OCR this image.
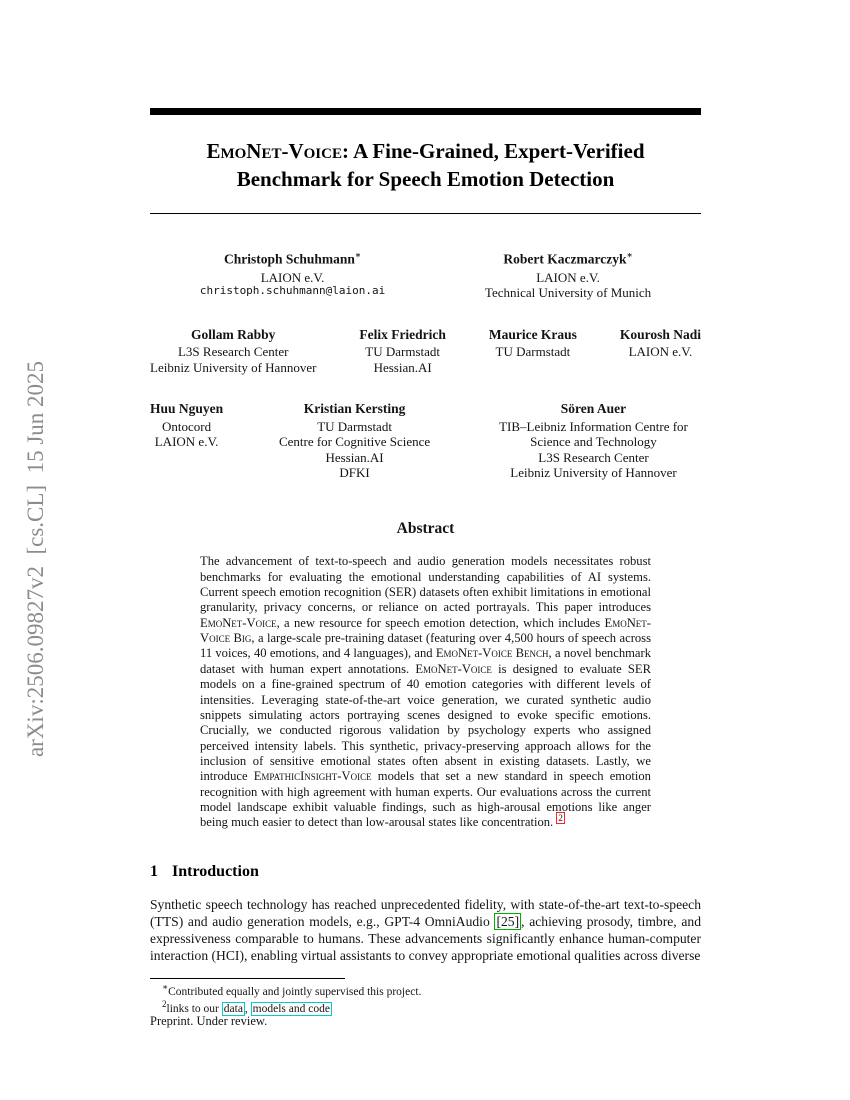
arXiv:2506.09827v2  [cs.CL]  15 Jun 2025
EmoNet-Voice: A Fine-Grained, Expert-Verified
Benchmark for Speech Emotion Detection
Christoph Schuhmann∗
LAION e.V.
christoph.schuhmann@laion.ai
Robert Kaczmarczyk∗
LAION e.V.
Technical University of Munich
Gollam Rabby
L3S Research Center
Leibniz University of Hannover
Felix Friedrich
TU Darmstadt
Hessian.AI
Maurice Kraus
TU Darmstadt
Kourosh Nadi
LAION e.V.
Huu Nguyen
Ontocord
LAION e.V.
Kristian Kersting
TU Darmstadt
Centre for Cognitive Science
Hessian.AI
DFKI
Sören Auer
TIB–Leibniz Information Centre for Science and Technology
L3S Research Center
Leibniz University of Hannover
Abstract

The advancement of text-to-speech and audio generation models necessitates robust benchmarks for evaluating the emotional understanding capabilities of AI systems. Current speech emotion recognition (SER) datasets often exhibit limitations in emotional granularity, privacy concerns, or reliance on acted portrayals. This paper introduces EmoNet-Voice, a new resource for speech emotion detection, which includes EmoNet-Voice Big, a large-scale pre-training dataset (featuring over 4,500 hours of speech across 11 voices, 40 emotions, and 4 languages), and EmoNet-Voice Bench, a novel benchmark dataset with human expert annotations. EmoNet-Voice is designed to evaluate SER models on a fine-grained spectrum of 40 emotion categories with different levels of intensities. Leveraging state-of-the-art voice generation, we curated synthetic audio snippets simulating actors portraying scenes designed to evoke specific emotions. Crucially, we conducted rigorous validation by psychology experts who assigned perceived intensity labels. This synthetic, privacy-preserving approach allows for the inclusion of sensitive emotional states often absent in existing datasets. Lastly, we introduce EmpathicInsight-Voice models that set a new standard in speech emotion recognition with high agreement with human experts. Our evaluations across the current model landscape exhibit valuable findings, such as high-arousal emotions like anger being much easier to detect than low-arousal states like concentration. $^2$

1 Introduction

Synthetic speech technology has reached unprecedented fidelity, with state-of-the-art text-to-speech (TTS) and audio generation models, e.g., GPT-4 OmniAudio [25] , achieving prosody, timbre, and expressiveness comparable to humans. These advancements significantly enhance human-computer interaction (HCI), enabling virtual assistants to convey appropriate emotional qualities across diverse

∗Contributed equally and jointly supervised this project.
$^2$links to our data , models and code
Preprint. Under review.
